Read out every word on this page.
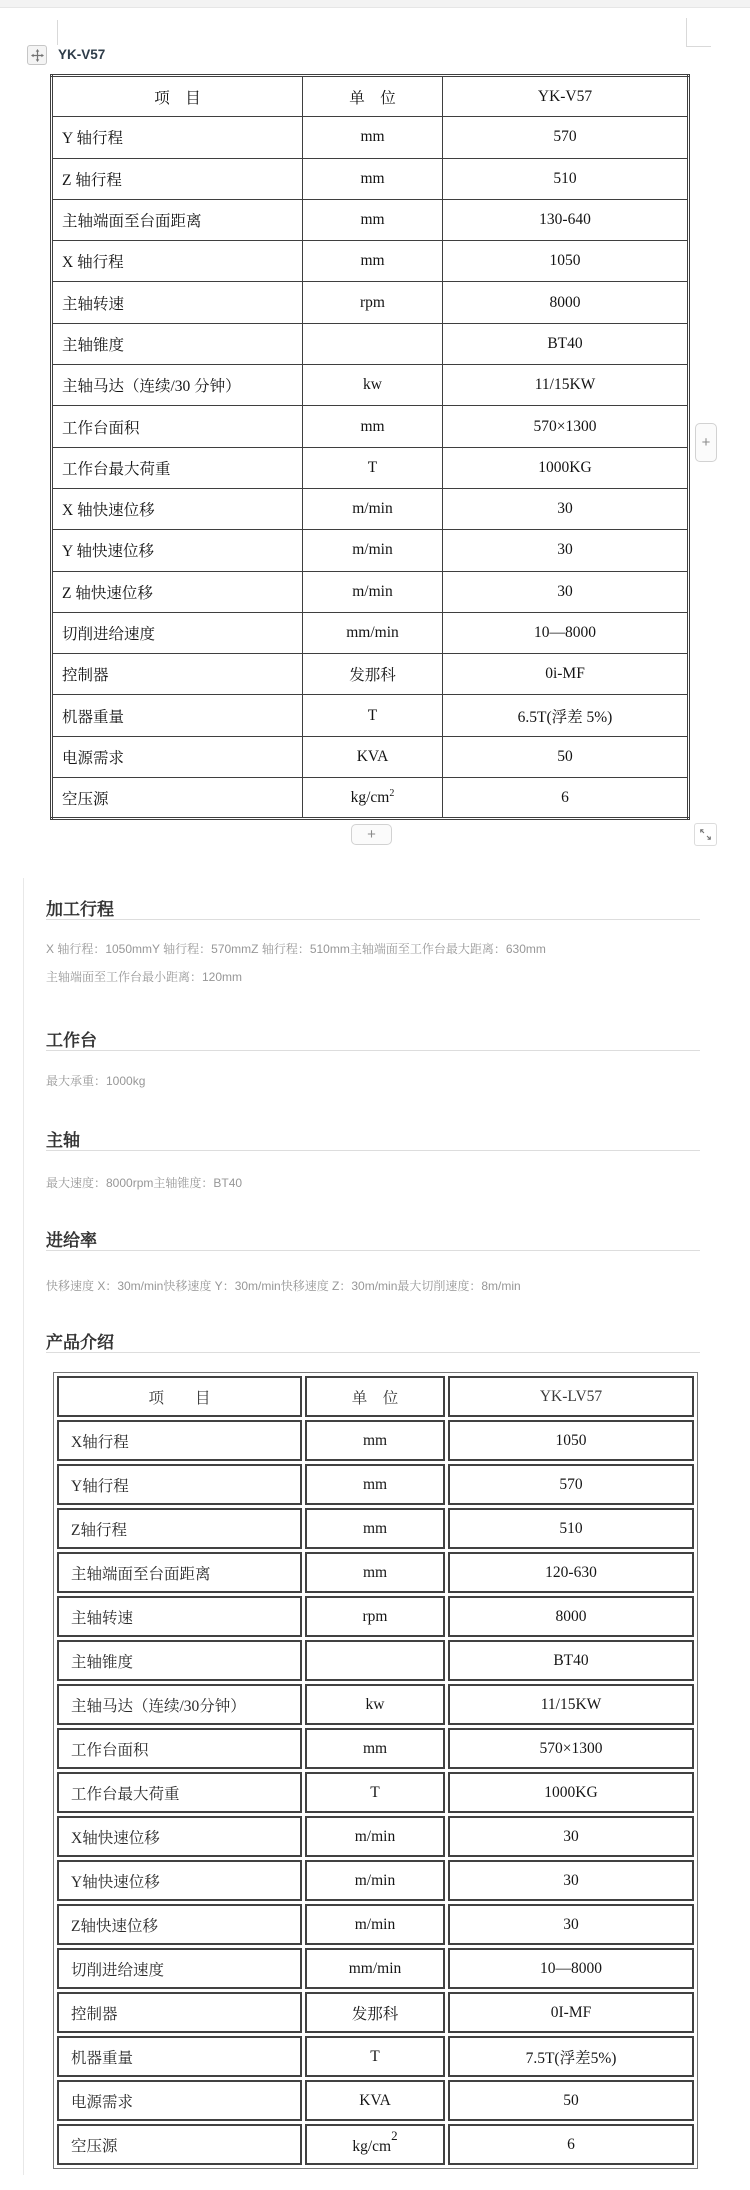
YK-V57
项　目	单　位	YK-V57
Y 轴行程	mm	570
Z 轴行程	mm	510
主轴端面至台面距离	mm	130-640
X 轴行程	mm	1050
主轴转速	rpm	8000
主轴锥度		BT40
主轴马达（连续/30 分钟）	kw	11/15KW
工作台面积	mm	570×1300
工作台最大荷重	T	1000KG
X 轴快速位移	m/min	30
Y 轴快速位移	m/min	30
Z 轴快速位移	m/min	30
切削进给速度	mm/min	10—8000
控制器	发那科	0i-MF
机器重量	T	6.5T(浮差 5%)
电源需求	KVA	50
空压源	$kg/cm^2$	6
+
+
加工行程

X 轴行程：1050mmY 轴行程：570mmZ 轴行程：510mm主轴端面至工作台最大距离：630mm

主轴端面至工作台最小距离：120mm

工作台

最大承重：1000kg

主轴

最大速度：8000rpm主轴锥度：BT40

进给率

快移速度 X：30m/min快移速度 Y：30m/min快移速度 Z：30m/min最大切削速度：8m/min

产品介绍
项　　目	单　位	YK-LV57
X轴行程	mm	1050
Y轴行程	mm	570
Z轴行程	mm	510
主轴端面至台面距离	mm	120-630
主轴转速	rpm	8000
主轴锥度		BT40
主轴马达（连续/30分钟）	kw	11/15KW
工作台面积	mm	570×1300
工作台最大荷重	T	1000KG
X轴快速位移	m/min	30
Y轴快速位移	m/min	30
Z轴快速位移	m/min	30
切削进给速度	mm/min	10—8000
控制器	发那科	0I-MF
机器重量	T	7.5T(浮差5%)
电源需求	KVA	50
空压源	$kg/cm^2$	6
